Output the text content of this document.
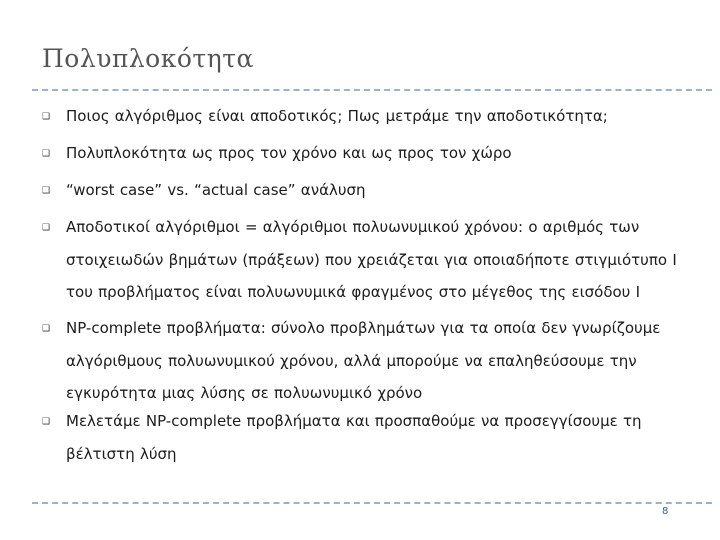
Πολυπλοκότητα
❑ Ποιος αλγόριθμος είναι αποδοτικός; Πως μετράμε την αποδοτικότητα;
❑ Πολυπλοκότητα ως προς τον χρόνο και ως προς τον χώρο
❑ “worst case” vs. “actual case” ανάλυση
❑ Αποδοτικοί αλγόριθμοι = αλγόριθμοι πολυωνυμικού χρόνου: ο αριθμός των στοιχειωδών βημάτων (πράξεων) που χρειάζεται για οποιαδήποτε στιγμιότυπο I του προβλήματος είναι πολυωνυμικά φραγμένος στο μέγεθος της εισόδου I
❑ NP-complete προβλήματα: σύνολο προβλημάτων για τα οποία δεν γνωρίζουμε αλγόριθμους πολυωνυμικού χρόνου, αλλά μπορούμε να επαληθεύσουμε την εγκυρότητα μιας λύσης σε πολυωνυμικό χρόνο
❑ Μελετάμε NP-complete προβλήματα και προσπαθούμε να προσεγγίσουμε τη βέλτιστη λύση
8
